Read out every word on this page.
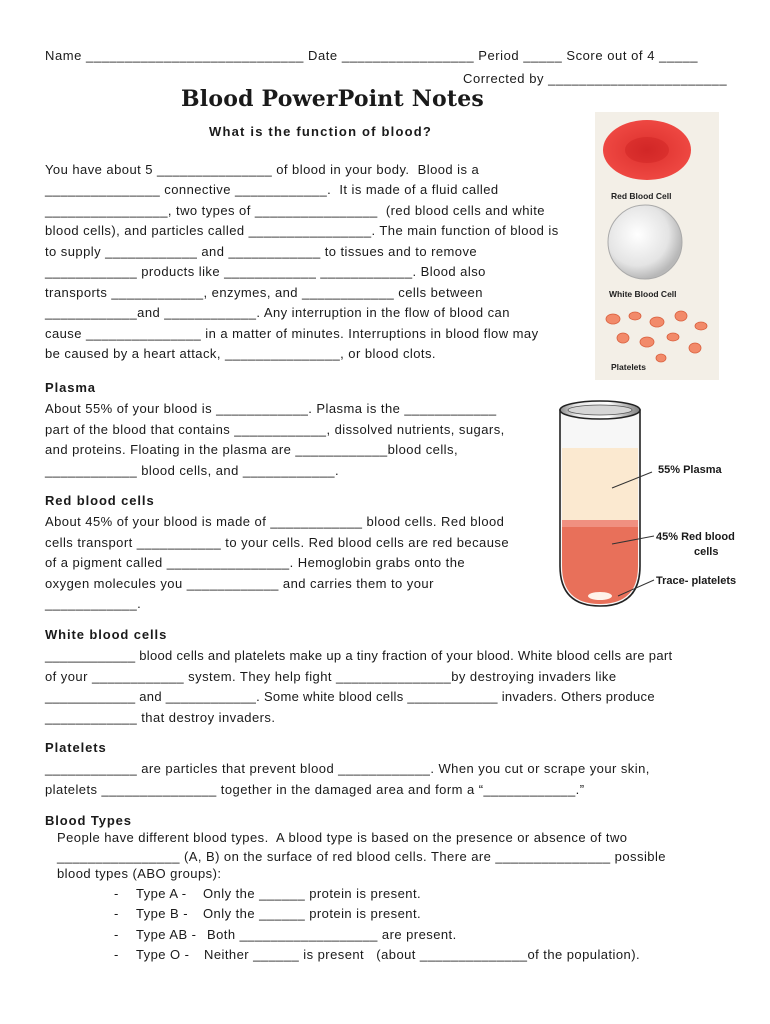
Name ____________________________ Date _________________ Period _____ Score out of 4 _____
Corrected by _______________________
Blood PowerPoint Notes
What is the function of blood?
You have about 5 _______________ of blood in your body.  Blood is a
_______________ connective ____________.  It is made of a fluid called
________________, two types of ________________  (red blood cells and white
blood cells), and particles called ________________. The main function of blood is
to supply ____________ and ____________ to tissues and to remove
____________ products like ____________ ____________. Blood also
transports ____________, enzymes, and ____________ cells between
____________and ____________. Any interruption in the flow of blood can
cause _______________ in a matter of minutes. Interruptions in blood flow may
be caused by a heart attack, _______________, or blood clots.
Red Blood Cell
White Blood Cell
Platelets
Plasma
About 55% of your blood is ____________. Plasma is the ____________
part of the blood that contains ____________, dissolved nutrients, sugars,
and proteins. Floating in the plasma are ____________blood cells,
____________ blood cells, and ____________.	55% Plasma
45% Red blood
cells
Trace- platelets
Red blood cells
About 45% of your blood is made of ____________ blood cells. Red blood
cells transport ___________ to your cells. Red blood cells are red because
of a pigment called ________________. Hemoglobin grabs onto the
oxygen molecules you ____________ and carries them to your
____________.
White blood cells
____________ blood cells and platelets make up a tiny fraction of your blood. White blood cells are part
of your ____________ system. They help fight _______________by destroying invaders like
____________ and ____________. Some white blood cells ____________ invaders. Others produce
____________ that destroy invaders.
Platelets
____________ are particles that prevent blood ____________. When you cut or scrape your skin,
platelets _______________ together in the damaged area and form a “____________.”
Blood Types
People have different blood types.  A blood type is based on the presence or absence of two
________________ (A, B) on the surface of red blood cells. There are _______________ possible
blood types (ABO groups):
- Type A - Only the ______ protein is present.
- Type B - Only the ______ protein is present.
- Type AB - Both __________________ are present.
- Type O - Neither ______ is present   (about ______________of the population).
